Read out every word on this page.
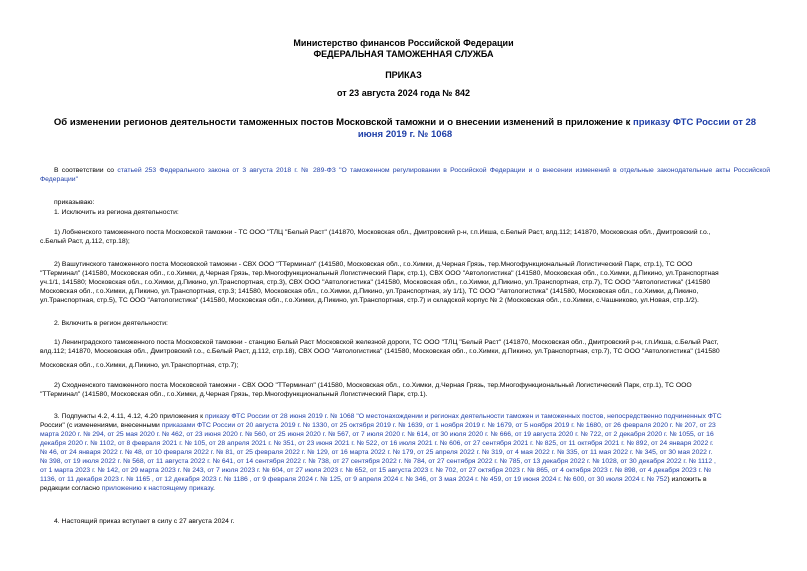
Министерство финансов Российской Федерации
ФЕДЕРАЛЬНАЯ ТАМОЖЕННАЯ СЛУЖБА
ПРИКАЗ
от 23 августа 2024 года № 842
Об изменении регионов деятельности таможенных постов Московской таможни и о внесении изменений в приложение к приказу ФТС России от 28 июня 2019 г. № 1068
В соответствии со статьей 253 Федерального закона от 3 августа 2018 г. № 289-ФЗ "О таможенном регулировании в Российской Федерации и о внесении изменений в отдельные законодательные акты Российской Федерации"
приказываю:
1. Исключить из региона деятельности:
1) Лобненского таможенного поста Московской таможни - ТС ООО "ТЛЦ "Белый Раст" (141870, Московская обл., Дмитровский р-н, г.п.Икша, с.Белый Раст, влд.112; 141870, Московская обл., Дмитровский г.о.,
с.Белый Раст, д.112, стр.18);
2) Вашутинского таможенного поста Московской таможни - СВХ ООО "ТТерминал" (141580, Московская обл., г.о.Химки, д.Черная Грязь, тер.Многофункциональный Логистический Парк, стр.1), ТС ООО
"ТТерминал" (141580, Московская обл., г.о.Химки, д.Черная Грязь, тер.Многофункциональный Логистический Парк, стр.1), СВХ ООО "Автологистика" (141580, Московская обл., г.о.Химки, д.Пикино, ул.Транспортная
уч.1/1, 141580; Московская обл., г.о.Химки, д.Пикино, ул.Транспортная, стр.3), СВХ ООО "Автологистика" (141580, Московская обл., г.о.Химки, д.Пикино, ул.Транспортная, стр.7), ТС ООО "Автологистика" (141580
Московская обл., г.о.Химки, д.Пикино, ул.Транспортная, стр.3; 141580, Московская обл., г.о.Химки, д.Пикино, ул.Транспортная, з/у 1/1), ТС ООО "Автологистика" (141580, Московская обл., г.о.Химки, д.Пикино,
ул.Транспортная, стр.5), ТС ООО "Автологистика" (141580, Московская обл., г.о.Химки, д.Пикино, ул.Транспортная, стр.7) и складской корпус № 2 (Московская обл., г.о.Химки, с.Чашниково, ул.Новая, стр.1/2).
2. Включить в регион деятельности:
1) Ленинградского таможенного поста Московской таможни - станцию Белый Раст Московской железной дороги, ТС ООО "ТЛЦ "Белый Раст" (141870, Московская обл., Дмитровский р-н, г.п.Икша, с.Белый Раст,
влд.112; 141870, Московская обл., Дмитровский г.о., с.Белый Раст, д.112, стр.18), СВХ ООО "Автологистика" (141580, Московская обл., г.о.Химки, д.Пикино, ул.Транспортная, стр.7), ТС ООО "Автологистика" (141580
Московская обл., г.о.Химки, д.Пикино, ул.Транспортная, стр.7);
2) Сходненского таможенного поста Московской таможни - СВХ ООО "ТТерминал" (141580, Московская обл., г.о.Химки, д.Черная Грязь, тер.Многофункциональный Логистический Парк, стр.1), ТС ООО
"ТТерминал" (141580, Московская обл., г.о.Химки, д.Черная Грязь, тер.Многофункциональный Логистический Парк, стр.1).
3. Подпункты 4.2, 4.11, 4.12, 4.20 приложения к приказу ФТС России от 28 июня 2019 г. № 1068 "О местонахождении и регионах деятельности таможен и таможенных постов, непосредственно подчиненных ФТС
России" (с изменениями, внесенными приказами ФТС России от 20 августа 2019 г. № 1330, от 25 октября 2019 г. № 1639, от 1 ноября 2019 г. № 1679, от 5 ноября 2019 г. № 1680, от 26 февраля 2020 г. № 207, от 23
марта 2020 г. № 294, от 25 мая 2020 г. № 462, от 23 июня 2020 г. № 560, от 25 июня 2020 г. № 567, от 7 июля 2020 г. № 614, от 30 июля 2020 г. № 666, от 19 августа 2020 г. № 722, от 2 декабря 2020 г. № 1055, от 16
декабря 2020 г. № 1102, от 8 февраля 2021 г. № 105, от 28 апреля 2021 г. № 351, от 23 июня 2021 г. № 522, от 16 июля 2021 г. № 606, от 27 сентября 2021 г. № 825, от 11 октября 2021 г. № 892, от 24 января 2022 г.
№ 46, от 24 января 2022 г. № 48, от 10 февраля 2022 г. № 81, от 25 февраля 2022 г. № 129, от 16 марта 2022 г. № 179, от 25 апреля 2022 г. № 319, от 4 мая 2022 г. № 335, от 11 мая 2022 г. № 345, от 30 мая 2022 г.
№ 398, от 19 июля 2022 г. № 568, от 11 августа 2022 г. № 641, от 14 сентября 2022 г. № 738, от 27 сентября 2022 г. № 784, от 27 сентября 2022 г. № 785, от 13 декабря 2022 г. № 1028, от 30 декабря 2022 г. № 1112 ,
от 1 марта 2023 г. № 142, от 29 марта 2023 г. № 243, от 7 июля 2023 г. № 604, от 27 июля 2023 г. № 652, от 15 августа 2023 г. № 702, от 27 октября 2023 г. № 865, от 4 октября 2023 г. № 898, от 4 декабря 2023 г. №
1136, от 11 декабря 2023 г. № 1165 , от 12 декабря 2023 г. № 1186 , от 9 февраля 2024 г. № 125, от 9 апреля 2024 г. № 346, от 3 мая 2024 г. № 459, от 19 июня 2024 г. № 600, от 30 июля 2024 г. № 752) изложить в
редакции согласно приложению к настоящему приказу.
4. Настоящий приказ вступает в силу с 27 августа 2024 г.
